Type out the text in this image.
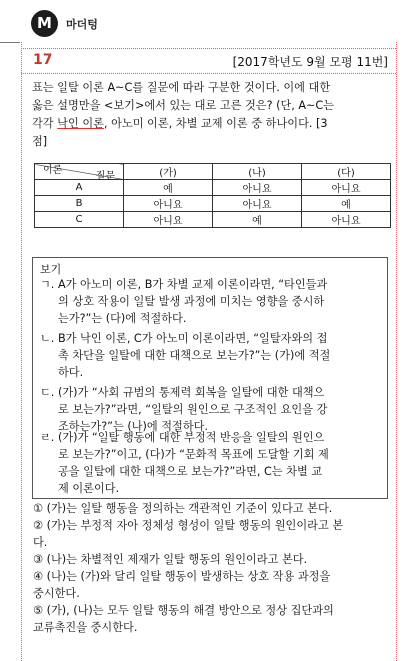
M	마더텅
17	[2017학년도 9월 모평 11번]
표는 일탈 이론 A~C를 질문에 따라 구분한 것이다. 이에 대한
옳은 설명만을 <보기>에서 있는 대로 고른 것은? (단, A~C는
각각 낙인 이론, 아노미 이론, 차별 교제 이론 중 하나이다. [3
점]
질문
이론	(가)	(나)	(다)
A	예	아니요	아니요
B	아니요	아니요	예
C	아니요	예	아니요
보기
ㄱ. A가 아노미 이론, B가 차별 교제 이론이라면, “타인들과
의 상호 작용이 일탈 발생 과정에 미치는 영향을 중시하
는가?”는 (다)에 적절하다.
ㄴ. B가 낙인 이론, C가 아노미 이론이라면, “일탈자와의 접
촉 차단을 일탈에 대한 대책으로 보는가?”는 (가)에 적절
하다.
ㄷ. (가)가 “사회 규범의 통제력 회복을 일탈에 대한 대책으
로 보는가?”라면, “일탈의 원인으로 구조적인 요인을 강
조하는가?”는 (나)에 적절하다.
ㄹ. (가)가 “일탈 행동에 대한 부정적 반응을 일탈의 원인으
로 보는가?”이고, (다)가 “문화적 목표에 도달할 기회 제
공을 일탈에 대한 대책으로 보는가?”라면, C는 차별 교
제 이론이다.
① (가)는 일탈 행동을 정의하는 객관적인 기준이 있다고 본다.
② (가)는 부정적 자아 정체성 형성이 일탈 행동의 원인이라고 본
다.
③ (나)는 차별적인 제재가 일탈 행동의 원인이라고 본다.
④ (나)는 (가)와 달리 일탈 행동이 발생하는 상호 작용 과정을
중시한다.
⑤ (가), (나)는 모두 일탈 행동의 해결 방안으로 정상 집단과의
교류촉진을 중시한다.
